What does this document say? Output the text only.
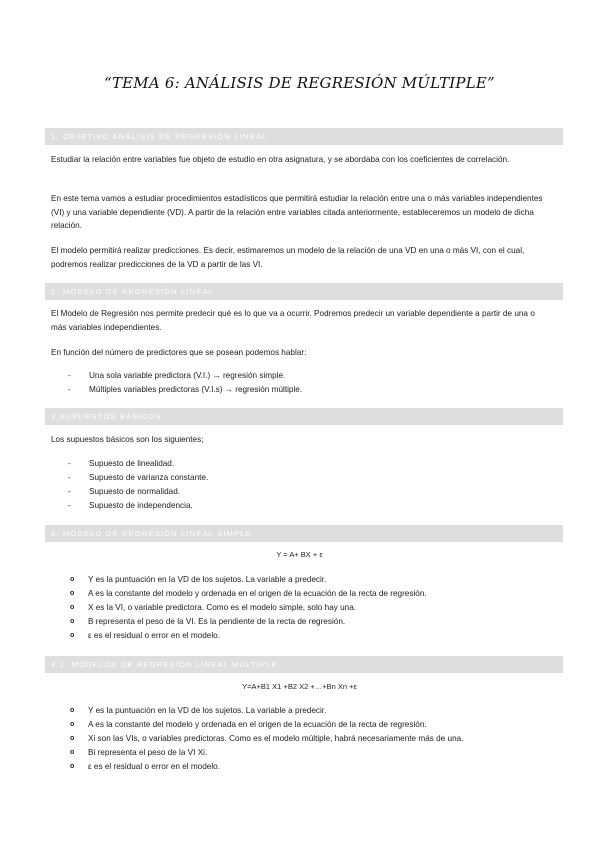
“TEMA 6: ANÁLISIS DE REGRESIÓN MÚLTIPLE”
1. OBJETIVO ANÁLISIS DE REGRESIÓN LINEAL
Estudiar la relación entre variables fue objeto de estudio en otra asignatura, y se abordaba con los coeficientes de correlación.
En este tema vamos a estudiar procedimientos estadísticos que permitirá estudiar la relación entre una o más variables independientes (VI) y una variable dependiente (VD). A partir de la relación entre variables citada anteriormente, estableceremos un modelo de dicha relación.
El modelo permitirá realizar predicciones. Es decir, estimaremos un modelo de la relación de una VD en una o más VI, con el cual, podremos realizar predicciones de la VD a partir de las VI.
2. MODELO DE REGRESIÓN LINEAL
El Modelo de Regresión nos permite predecir qué es lo que va a ocurrir. Podremos predecir un variable dependiente a partir de una o más variables independientes.
En función del número de predictores que se posean podemos hablar:
-	Una sola variable predictora (V.I.) → regresión simple.
-	Múltiples variables predictoras (V.I.s) → regresión múltiple.
3.SUPUESTOS BÁSICOS
Los supuestos básicos son los siguientes;
-	Supuesto de linealidad.
-	Supuesto de varianza constante.
-	Supuesto de normalidad.
-	Supuesto de independencia.
4. MODELO DE REGRESIÓN LINEAL SIMPLE
Y = A+ BX + ε
o	Y es la puntuación en la VD de los sujetos. La variable a predecir.
o	A es la constante del modelo y ordenada en el origen de la ecuación de la recta de regresión.
o	X es la VI, o variable predictora. Como es el modelo simple, solo hay una.
o	B representa el peso de la VI. Es la pendiente de la recta de regresión.
o	ε es el residual o error en el modelo.
4.1. MODELOS DE REGRESIÓN LINEAL MÚLTIPLE.
Y=A+B1 X1 +B2 X2 +…+Bn Xn +ε
o	Y es la puntuación en la VD de los sujetos. La variable a predecir.
o	A es la constante del modelo y ordenada en el origen de la ecuación de la recta de regresión.
o	Xi son las VIs, o variables predictoras. Como es el modelo múltiple, habrá necesariamente más de una.
o	Bi representa el peso de la VI Xi.
o	ε es el residual o error en el modelo.
